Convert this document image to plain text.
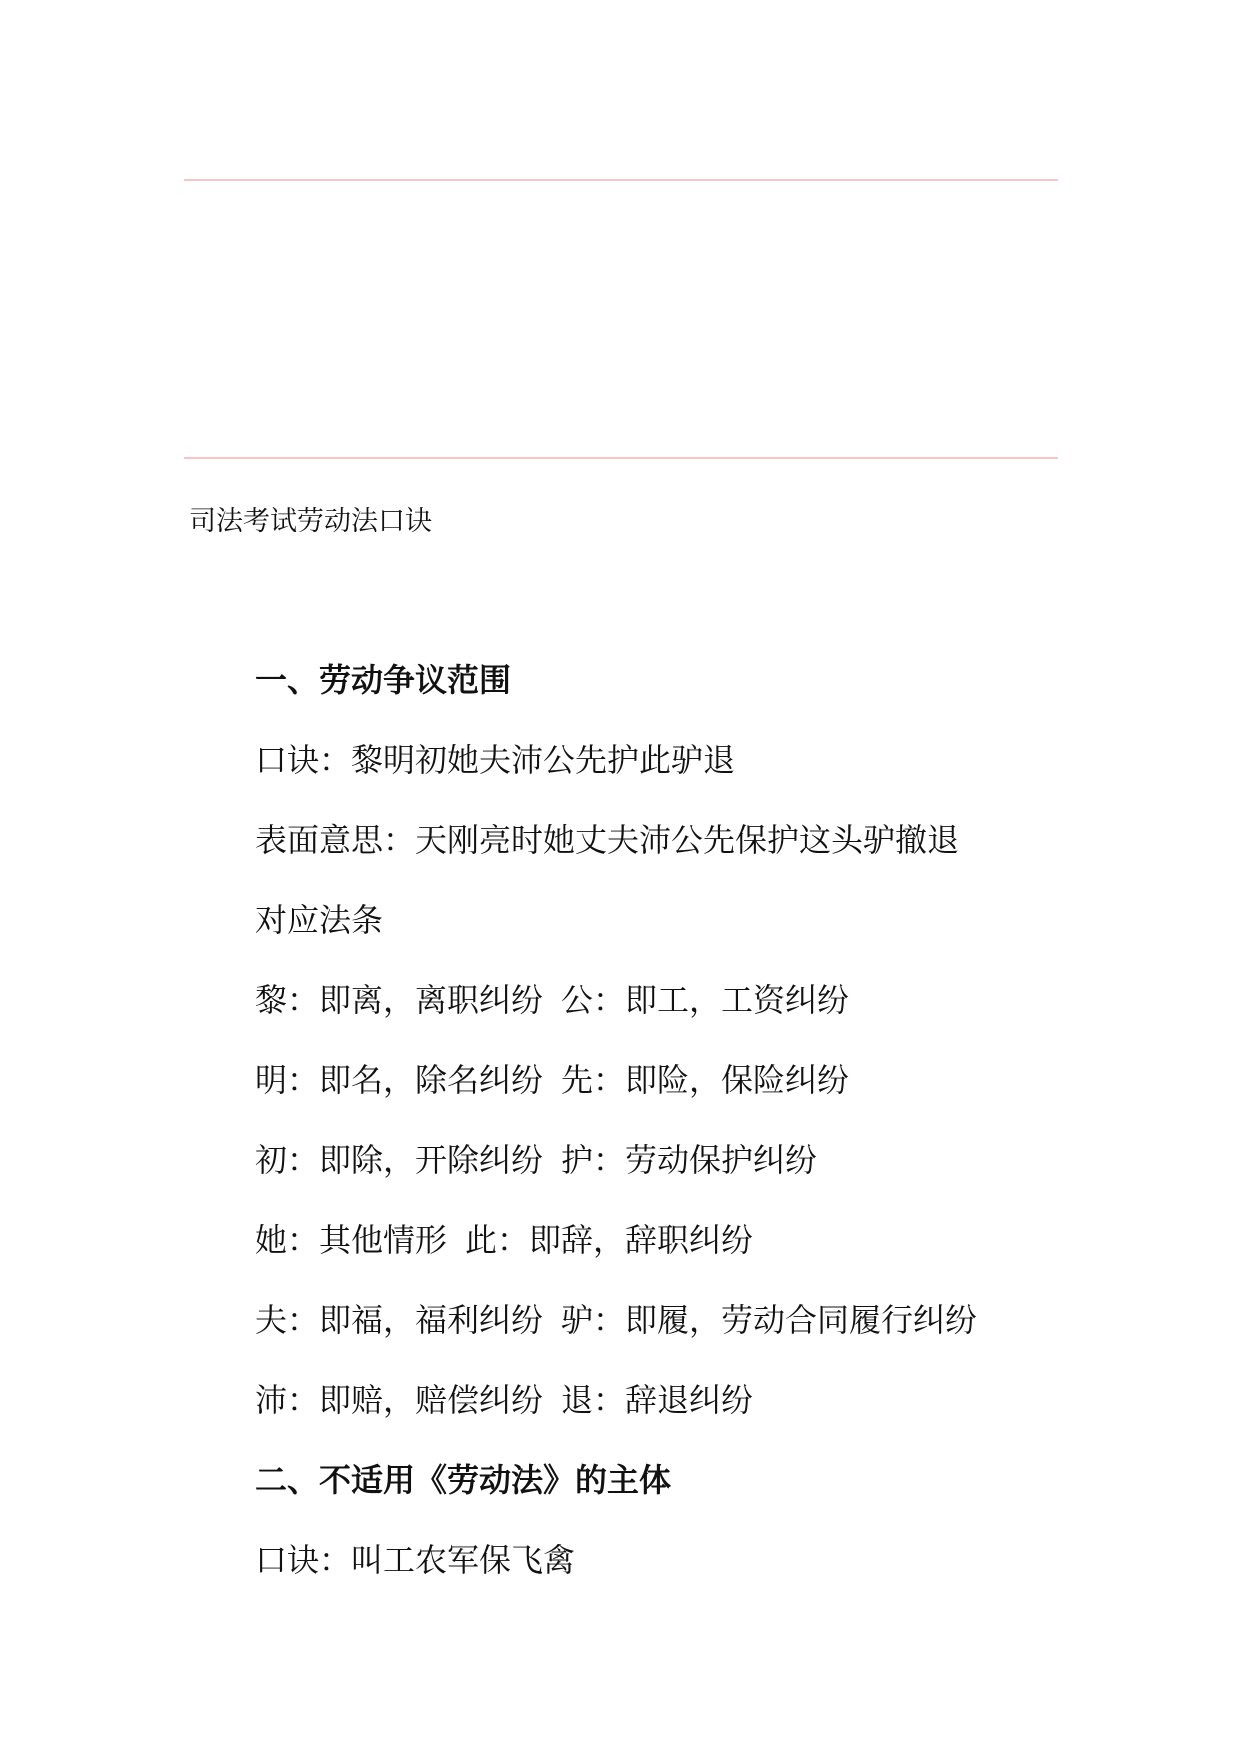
司法考试劳动法口诀
一、劳动争议范围
口诀：黎明初她夫沛公先护此驴退
表面意思：天刚亮时她丈夫沛公先保护这头驴撤退
对应法条
黎：即离，离职纠纷 公：即工，工资纠纷
明：即名，除名纠纷 先：即险，保险纠纷
初：即除，开除纠纷 护：劳动保护纠纷
她：其他情形 此：即辞，辞职纠纷
夫：即福，福利纠纷 驴：即履，劳动合同履行纠纷
沛：即赔，赔偿纠纷 退：辞退纠纷
二、不适用《劳动法》的主体
口诀：叫工农军保飞禽
